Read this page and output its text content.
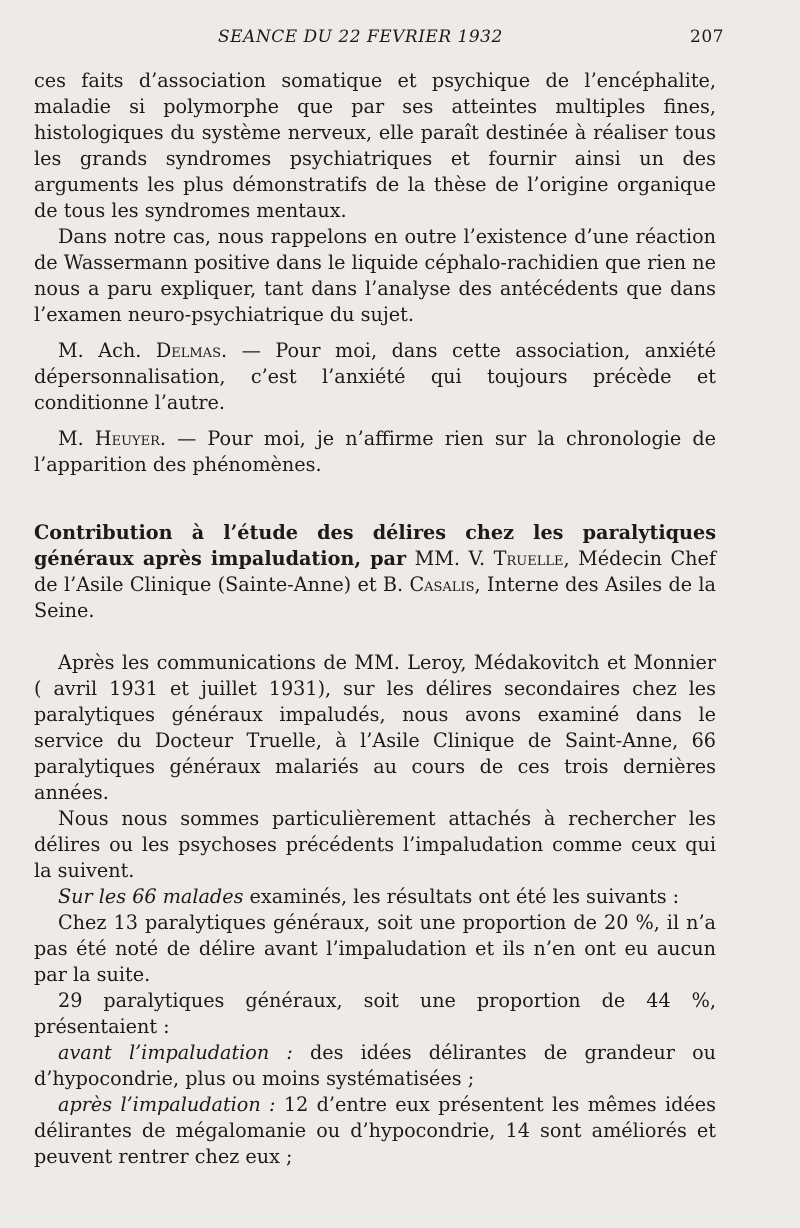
SEANCE DU 22 FEVRIER 1932	207

ces faits d’association somatique et psychique de l’encéphalite, maladie si polymorphe que par ses atteintes multiples fines, histologiques du système nerveux, elle paraît destinée à réaliser tous les grands syndromes psychiatriques et fournir ainsi un des arguments les plus démonstratifs de la thèse de l’origine organique de tous les syndromes mentaux.

Dans notre cas, nous rappelons en outre l’existence d’une réaction de Wassermann positive dans le liquide céphalo-rachidien que rien ne nous a paru expliquer, tant dans l’analyse des antécédents que dans l’examen neuro-psychiatrique du sujet.

M. Ach. Delmas. — Pour moi, dans cette association, anxiété dépersonnalisation, c’est l’anxiété qui toujours précède et conditionne l’autre.

M. Heuyer. — Pour moi, je n’affirme rien sur la chronologie de l’apparition des phénomènes.

Contribution à l’étude des délires chez les paralytiques généraux après impaludation, par MM. V. Truelle, Médecin Chef de l’Asile Clinique (Sainte-Anne) et B. Casalis, Interne des Asiles de la Seine.

Après les communications de MM. Leroy, Médakovitch et Monnier ( avril 1931 et juillet 1931), sur les délires secondaires chez les paralytiques généraux impaludés, nous avons examiné dans le service du Docteur Truelle, à l’Asile Clinique de Saint-Anne, 66 paralytiques généraux malariés au cours de ces trois dernières années.

Nous nous sommes particulièrement attachés à rechercher les délires ou les psychoses précédents l’impaludation comme ceux qui la suivent.

Sur les 66 malades examinés, les résultats ont été les suivants :

Chez 13 paralytiques généraux, soit une proportion de 20 %, il n’a pas été noté de délire avant l’impaludation et ils n’en ont eu aucun par la suite.

29 paralytiques généraux, soit une proportion de 44 %, présentaient :

avant l’impaludation : des idées délirantes de grandeur ou d’hypocondrie, plus ou moins systématisées ;

après l’impaludation : 12 d’entre eux présentent les mêmes idées délirantes de mégalomanie ou d’hypocondrie, 14 sont améliorés et peuvent rentrer chez eux ;
